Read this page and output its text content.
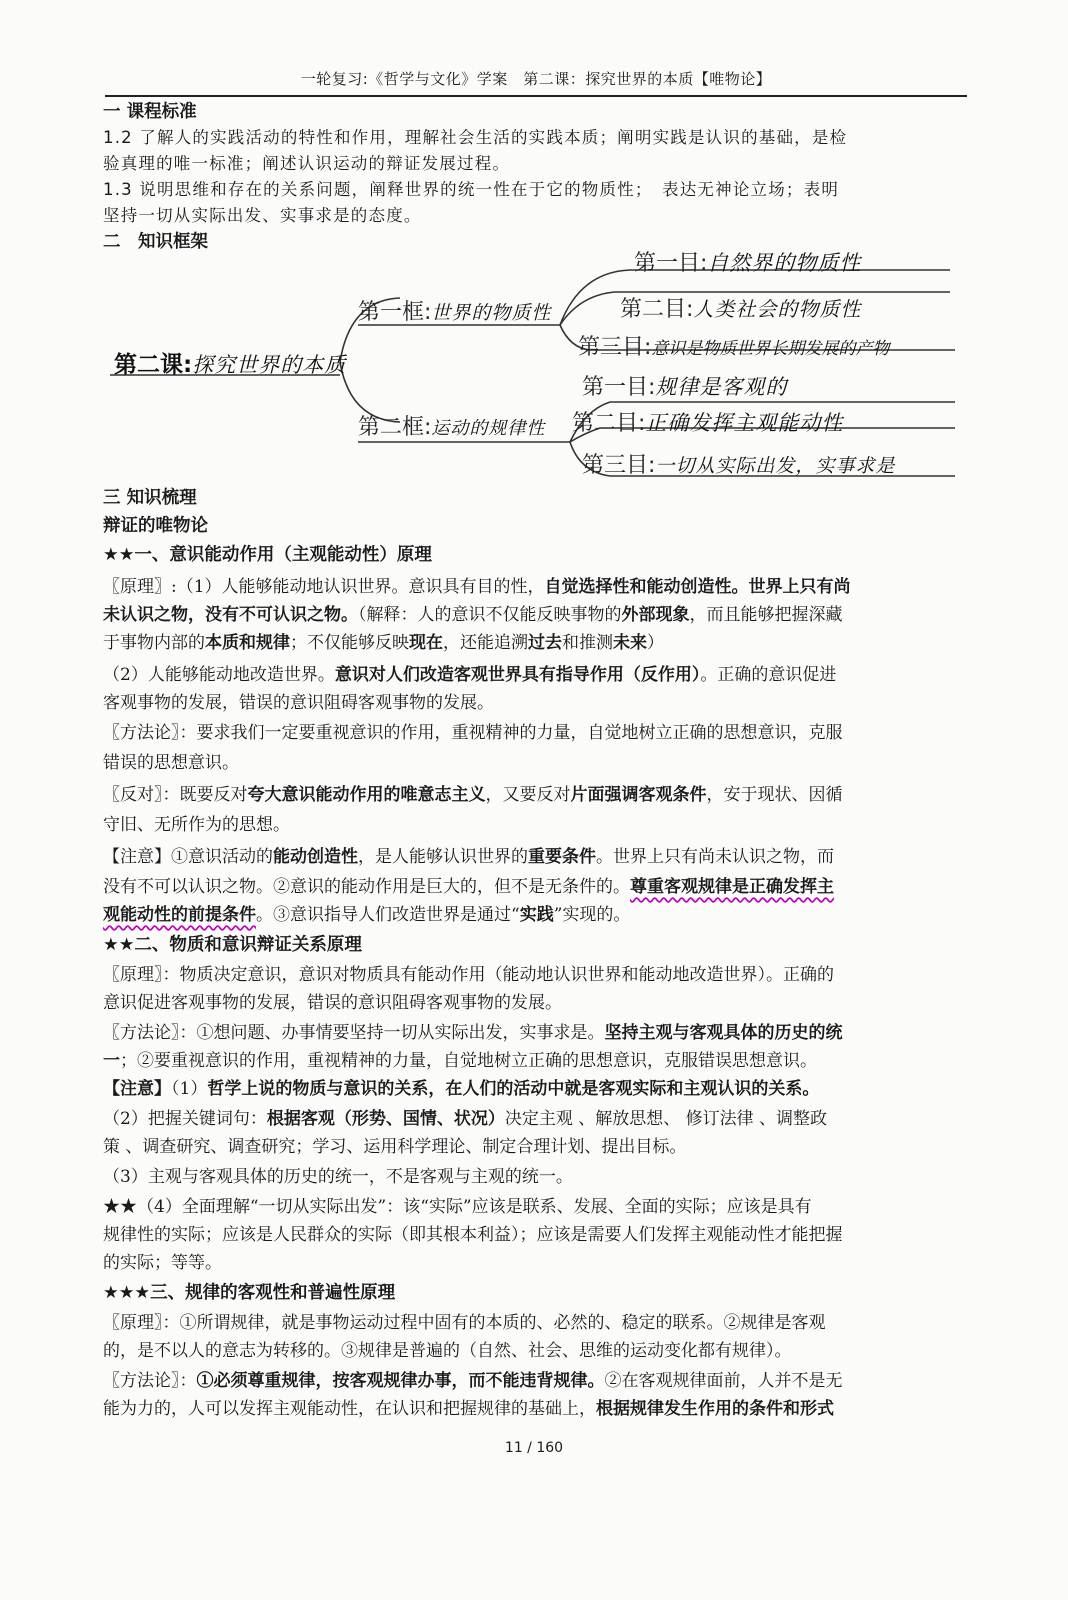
一轮复习:《哲学与文化》学案　第二课：探究世界的本质【唯物论】
一 课程标准
1.2 了解人的实践活动的特性和作用，理解社会生活的实践本质；阐明实践是认识的基础，是检
验真理的唯一标准；阐述认识运动的辩证发展过程。
1.3 说明思维和存在的关系问题，阐释世界的统一性在于它的物质性；　表达无神论立场；表明
坚持一切从实际出发、实事求是的态度。
二　知识框架
第二课:探究世界的本质
第一框:世界的物质性
第二框:运动的规律性
第一目:自然界的物质性
第二目:人类社会的物质性
第三目:意识是物质世界长期发展的产物
第一目:规律是客观的
第二目:正确发挥主观能动性
第三目:一切从实际出发，实事求是
三 知识梳理
辩证的唯物论
★★一、意识能动作用（主观能动性）原理
〖原理〗:（1）人能够能动地认识世界。意识具有目的性，自觉选择性和能动创造性。世界上只有尚
未认识之物，没有不可认识之物。（解释：人的意识不仅能反映事物的外部现象，而且能够把握深藏
于事物内部的本质和规律；不仅能够反映现在，还能追溯过去和推测未来）
（2）人能够能动地改造世界。意识对人们改造客观世界具有指导作用（反作用）。正确的意识促进
客观事物的发展，错误的意识阻碍客观事物的发展。
〖方法论〗：要求我们一定要重视意识的作用，重视精神的力量，自觉地树立正确的思想意识，克服
错误的思想意识。
〖反对〗：既要反对夸大意识能动作用的唯意志主义，又要反对片面强调客观条件，安于现状、因循
守旧、无所作为的思想。
【注意】①意识活动的能动创造性，是人能够认识世界的重要条件。世界上只有尚未认识之物，而
没有不可以认识之物。②意识的能动作用是巨大的，但不是无条件的。尊重客观规律是正确发挥主
观能动性的前提条件。③意识指导人们改造世界是通过“实践”实现的。
★★二、物质和意识辩证关系原理
〖原理〗：物质决定意识，意识对物质具有能动作用（能动地认识世界和能动地改造世界）。正确的
意识促进客观事物的发展，错误的意识阻碍客观事物的发展。
〖方法论〗：①想问题、办事情要坚持一切从实际出发，实事求是。坚持主观与客观具体的历史的统
一；②要重视意识的作用，重视精神的力量，自觉地树立正确的思想意识，克服错误思想意识。
【注意】（1）哲学上说的物质与意识的关系，在人们的活动中就是客观实际和主观认识的关系。
（2）把握关键词句：根据客观（形势、国情、状况）决定主观 、解放思想、 修订法律 、调整政
策 、调查研究、调查研究；学习、运用科学理论、制定合理计划、提出目标。
（3）主观与客观具体的历史的统一，不是客观与主观的统一。
★★（4）全面理解“一切从实际出发”：该“实际”应该是联系、发展、全面的实际；应该是具有
规律性的实际；应该是人民群众的实际（即其根本利益）；应该是需要人们发挥主观能动性才能把握
的实际；等等。
★★★三、规律的客观性和普遍性原理
〖原理〗：①所谓规律，就是事物运动过程中固有的本质的、必然的、稳定的联系。②规律是客观
的，是不以人的意志为转移的。③规律是普遍的（自然、社会、思维的运动变化都有规律）。
〖方法论〗：①必须尊重规律，按客观规律办事，而不能违背规律。②在客观规律面前，人并不是无
能为力的，人可以发挥主观能动性，在认识和把握规律的基础上，根据规律发生作用的条件和形式
11 / 160
